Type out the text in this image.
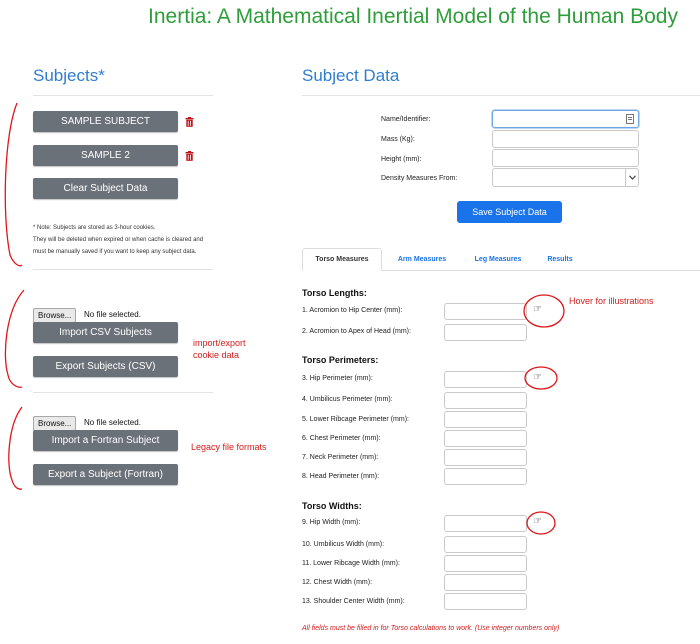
Inertia: A Mathematical Inertial Model of the Human Body
Subjects*
SAMPLE SUBJECT
SAMPLE 2
Clear Subject Data
* Note: Subjects are stored as 3-hour cookies.
They will be deleted when expired or when cache is cleared and
must be manually saved if you want to keep any subject data.
Browse...	No file selected.
Import CSV Subjects
Export Subjects (CSV)
Browse...	No file selected.
Import a Fortran Subject
Export a Subject (Fortran)
import/export
cookie data
Legacy file formats
Subject Data
Name/Identifier:
Mass (Kg):
Height (mm):
Density Measures From:
Save Subject Data
Torso Measures	Arm Measures	Leg Measures	Results
Torso Lengths:
1. Acromion to Hip Center (mm):	☞
2. Acromion to Apex of Head (mm):
Torso Perimeters:
3. Hip Perimeter (mm):	☞
4. Umbilicus Perimeter (mm):
5. Lower Ribcage Perimeter (mm):
6. Chest Perimeter (mm):
7. Neck Perimeter (mm):
8. Head Perimeter (mm):
Torso Widths:
9. Hip Width (mm):	☞
10. Umbilicus Width (mm):
11. Lower Ribcage Width (mm):
12. Chest Width (mm):
13. Shoulder Center Width (mm):
All fields must be filled in for Torso calculations to work. (Use integer numbers only)
Hover for illustrations
